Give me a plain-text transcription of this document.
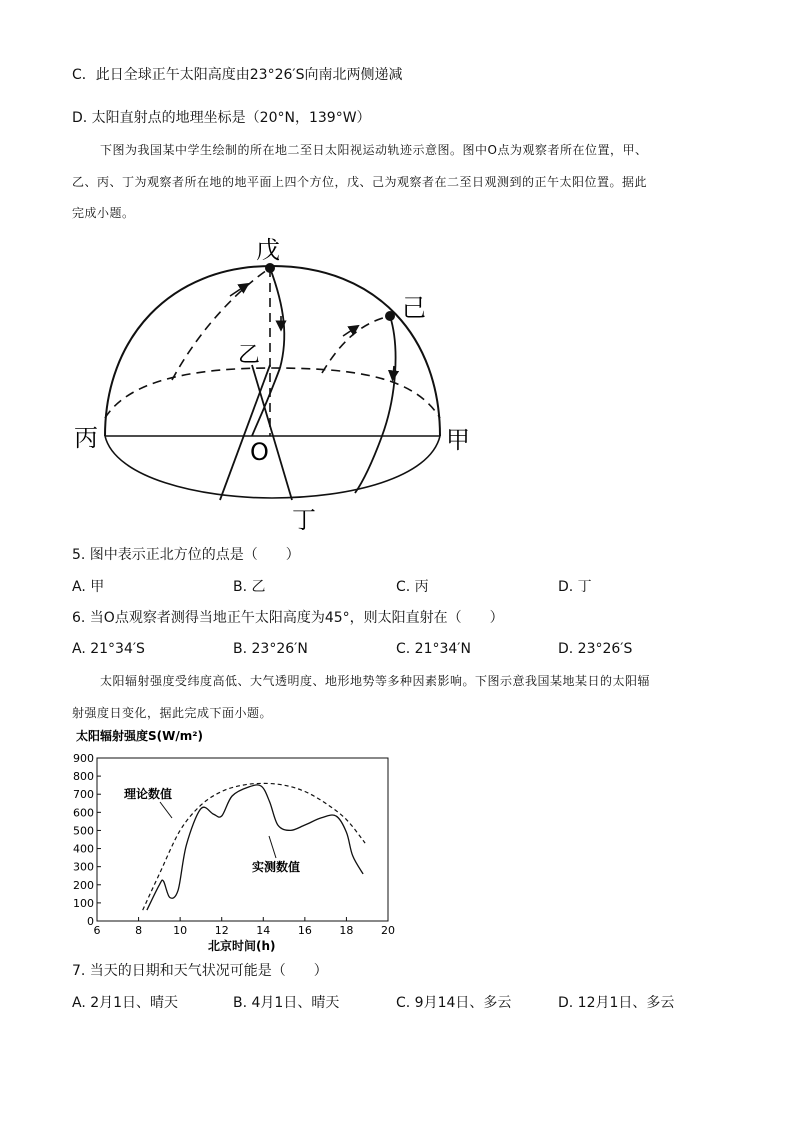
C．此日全球正午太阳高度由23°26′S向南北两侧递减
D. 太阳直射点的地理坐标是（20°N，139°W）
下图为我国某中学生绘制的所在地二至日太阳视运动轨迹示意图。图中O点为观察者所在位置，甲、
乙、丙、丁为观察者所在地的地平面上四个方位，戊、己为观察者在二至日观测到的正午太阳位置。据此
完成小题。
戊
己
乙
丙	甲
O
丁
5. 图中表示正北方位的点是（　　）
A. 甲	B. 乙	C. 丙	D. 丁
6. 当O点观察者测得当地正午太阳高度为45°，则太阳直射在（　　）
A. 21°34′S	B. 23°26′N	C. 21°34′N	D. 23°26′S
太阳辐射强度受纬度高低、大气透明度、地形地势等多种因素影响。下图示意我国某地某日的太阳辐
射强度日变化，据此完成下面小题。
太阳辐射强度S(W/m²)
0
100
200
300
400
500
600
700
800
900
6	8	10	12	14	16	18	20
理论数值
实测数值
北京时间(h)
7. 当天的日期和天气状况可能是（　　）
A. 2月1日、晴天	B. 4月1日、晴天	C. 9月14日、多云	D. 12月1日、多云
